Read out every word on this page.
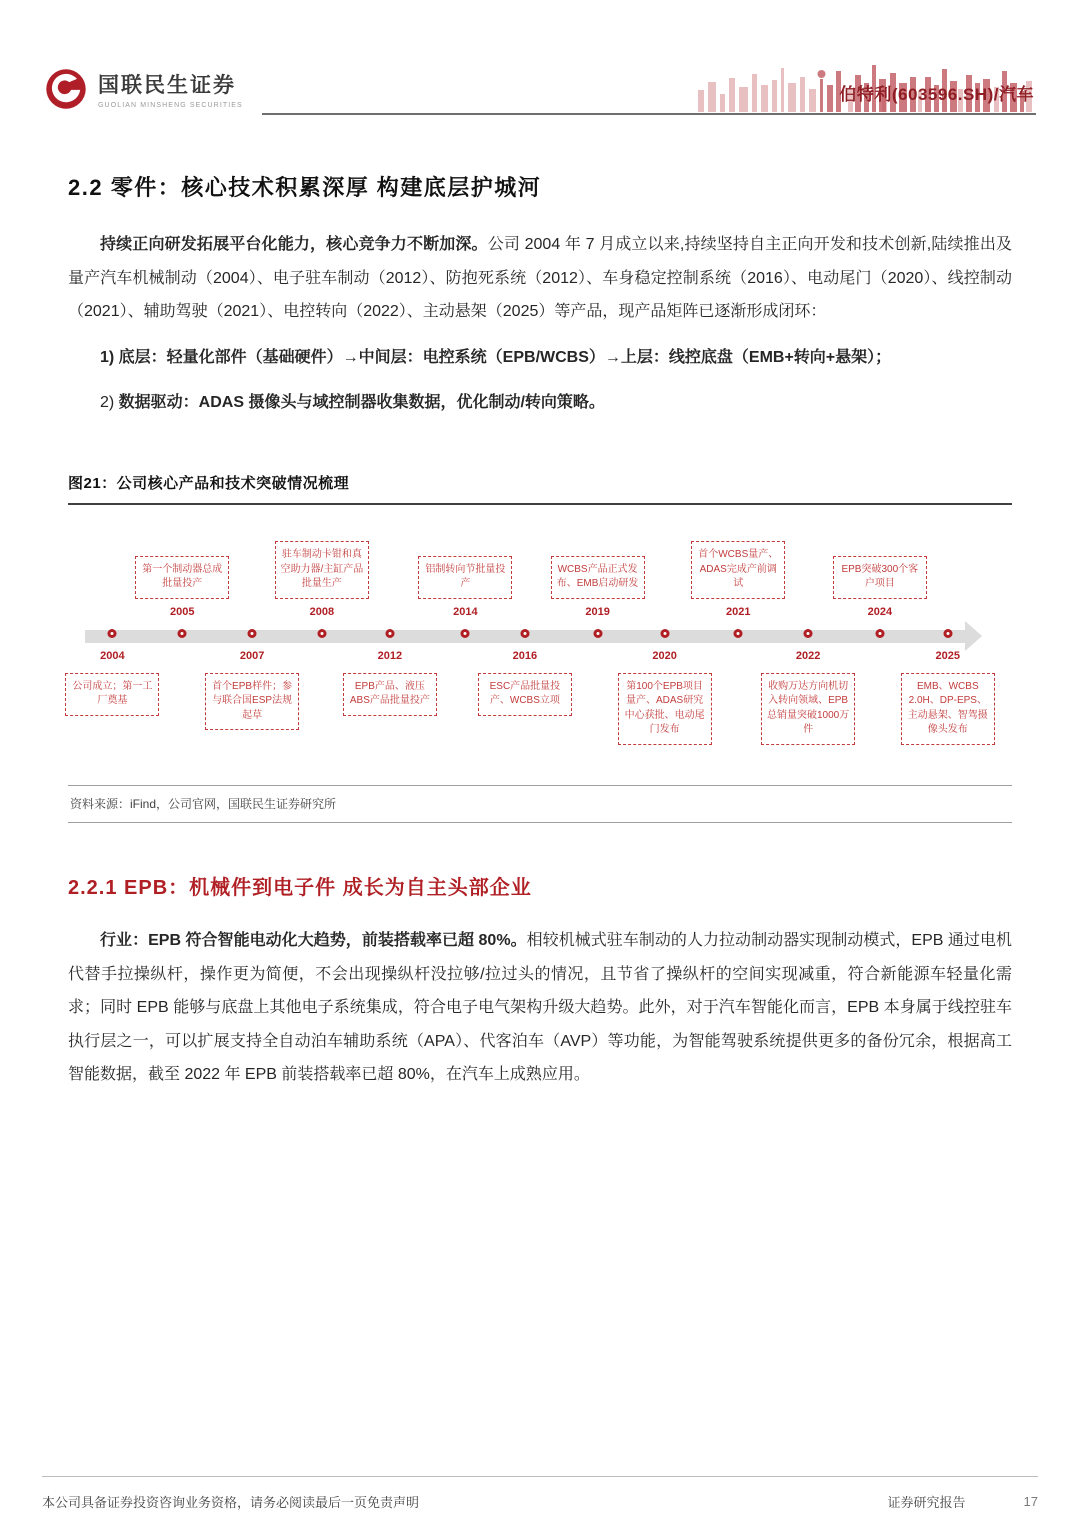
国联民生证券
GUOLIAN MINSHENG SECURITIES
伯特利(603596.SH)/汽车
2.2 零件：核心技术积累深厚 构建底层护城河

持续正向研发拓展平台化能力，核心竞争力不断加深。公司 2004 年 7 月成立以来,持续坚持自主正向开发和技术创新,陆续推出及量产汽车机械制动（2004）、电子驻车制动（2012）、防抱死系统（2012）、车身稳定控制系统（2016）、电动尾门（2020）、线控制动（2021）、辅助驾驶（2021）、电控转向（2022）、主动悬架（2025）等产品，现产品矩阵已逐渐形成闭环：

1) 底层：轻量化部件（基础硬件）→中间层：电控系统（EPB/WCBS）→上层：线控底盘（EMB+转向+悬架）；

2) 数据驱动：ADAS 摄像头与域控制器收集数据，优化制动/转向策略。

图21：公司核心产品和技术突破情况梳理
2004
公司成立；第一工厂奠基
2005
第一个制动器总成批量投产
2007
首个EPB样件；参与联合国ESP法规起草
2008
驻车制动卡钳和真空助力器/主缸产品批量生产
2012
EPB产品、液压ABS产品批量投产
2014
铝制转向节批量投产
2016
ESC产品批量投产、WCBS立项
2019
WCBS产品正式发布、EMB启动研发
2020
第100个EPB项目量产、ADAS研究中心获批、电动尾门发布
2021
首个WCBS量产、ADAS完成产前调试
2022
收购万达方向机切入转向领域、EPB总销量突破1000万件
2024
EPB突破300个客户项目
2025
EMB、WCBS 2.0H、DP-EPS、主动悬架、智驾摄像头发布
资料来源：iFind，公司官网，国联民生证券研究所
2.2.1 EPB：机械件到电子件 成长为自主头部企业

行业：EPB 符合智能电动化大趋势，前装搭载率已超 80%。相较机械式驻车制动的人力拉动制动器实现制动模式，EPB 通过电机代替手拉操纵杆，操作更为简便，不会出现操纵杆没拉够/拉过头的情况，且节省了操纵杆的空间实现减重，符合新能源车轻量化需求；同时 EPB 能够与底盘上其他电子系统集成，符合电子电气架构升级大趋势。此外，对于汽车智能化而言，EPB 本身属于线控驻车执行层之一，可以扩展支持全自动泊车辅助系统（APA）、代客泊车（AVP）等功能，为智能驾驶系统提供更多的备份冗余，根据高工智能数据，截至 2022 年 EPB 前装搭载率已超 80%，在汽车上成熟应用。

本公司具备证券投资咨询业务资格，请务必阅读最后一页免责声明	证券研究报告	17
